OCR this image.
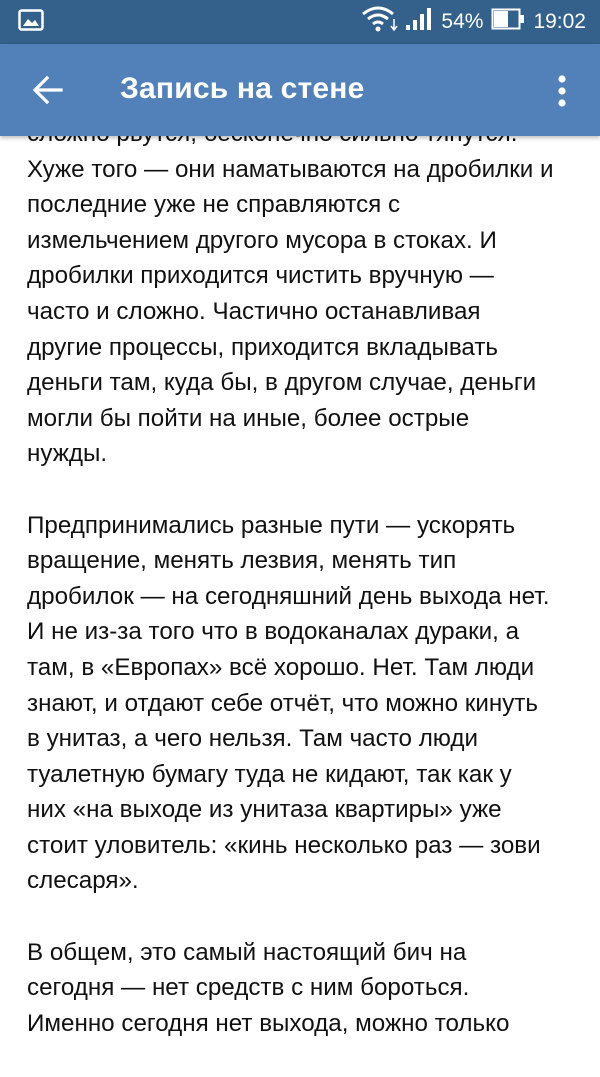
54% 19:02
Запись на стене

Хуже того — они наматываются на дробилки и
последние уже не справляются с
измельчением другого мусора в стоках. И
дробилки приходится чистить вручную —
часто и сложно. Частично останавливая
другие процессы, приходится вкладывать
деньги там, куда бы, в другом случае, деньги
могли бы пойти на иные, более острые
нужды.

Предпринимались разные пути — ускорять
вращение, менять лезвия, менять тип
дробилок — на сегодняшний день выхода нет.
И не из-за того что в водоканалах дураки, а
там, в «Европах» всё хорошо. Нет. Там люди
знают, и отдают себе отчёт, что можно кинуть
в унитаз, а чего нельзя. Там часто люди
туалетную бумагу туда не кидают, так как у
них «на выходе из унитаза квартиры» уже
стоит уловитель: «кинь несколько раз — зови
слесаря».

В общем, это самый настоящий бич на
сегодня — нет средств с ним бороться.
Именно сегодня нет выхода, можно только
